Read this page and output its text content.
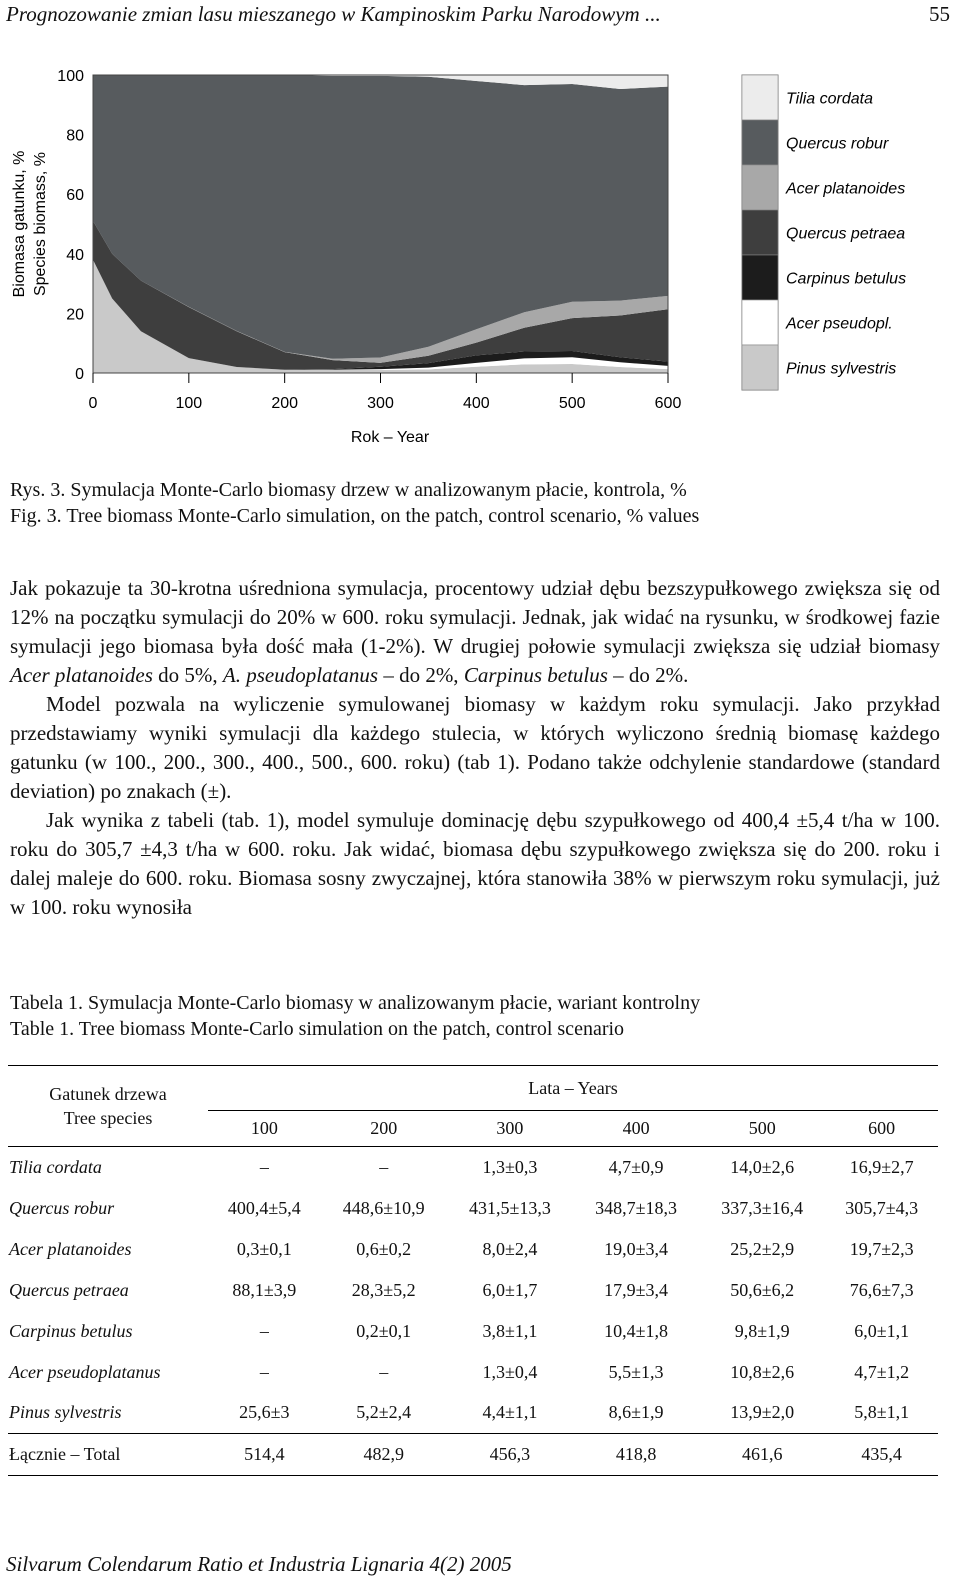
Prognozowanie zmian lasu mieszanego w Kampinoskim Parku Narodowym ...	55
0	100	200	300	400	500	600
0
20
40
60
80
100
Biomasa gatunku, % Species biomass, %
Rok – Year
Tilia cordata
Quercus robur
Acer platanoides
Quercus petraea
Carpinus betulus
Acer pseudopl.
Pinus sylvestris
Rys. 3. Symulacja Monte-Carlo biomasy drzew w analizowanym płacie, kontrola, %
Fig. 3. Tree biomass Monte-Carlo simulation, on the patch, control scenario, % values

Jak pokazuje ta 30-krotna uśredniona symulacja, procentowy udział dębu bezszypułkowego zwiększa się od 12% na początku symulacji do 20% w 600. roku symulacji. Jednak, jak widać na rysunku, w środkowej fazie symulacji jego biomasa była dość mała (1-2%). W drugiej połowie symulacji zwiększa się udział biomasy Acer platanoides do 5%, A. pseudoplatanus – do 2%, Carpinus betulus – do 2%.

Model pozwala na wyliczenie symulowanej biomasy w każdym roku symulacji. Jako przykład przedstawiamy wyniki symulacji dla każdego stulecia, w których wyliczono średnią biomasę każdego gatunku (w 100., 200., 300., 400., 500., 600. roku) (tab 1). Podano także odchylenie standardowe (standard deviation) po znakach (±).

Jak wynika z tabeli (tab. 1), model symuluje dominację dębu szypułkowego od 400,4 ±5,4 t/ha w 100. roku do 305,7 ±4,3 t/ha w 600. roku. Jak widać, biomasa dębu szypułkowego zwiększa się do 200. roku i dalej maleje do 600. roku. Biomasa sosny zwyczajnej, która stanowiła 38% w pierwszym roku symulacji, już w 100. roku wynosiła

Tabela 1. Symulacja Monte-Carlo biomasy w analizowanym płacie, wariant kontrolny
Table 1. Tree biomass Monte-Carlo simulation on the patch, control scenario
Gatunek drzewa
Tree species	Lata – Years					
	100	200	300	400	500	600
Tilia cordata	–	–	1,3±0,3	4,7±0,9	14,0±2,6	16,9±2,7
Quercus robur	400,4±5,4	448,6±10,9	431,5±13,3	348,7±18,3	337,3±16,4	305,7±4,3
Acer platanoides	0,3±0,1	0,6±0,2	8,0±2,4	19,0±3,4	25,2±2,9	19,7±2,3
Quercus petraea	88,1±3,9	28,3±5,2	6,0±1,7	17,9±3,4	50,6±6,2	76,6±7,3
Carpinus betulus	–	0,2±0,1	3,8±1,1	10,4±1,8	9,8±1,9	6,0±1,1
Acer pseudoplatanus	–	–	1,3±0,4	5,5±1,3	10,8±2,6	4,7±1,2
Pinus sylvestris	25,6±3	5,2±2,4	4,4±1,1	8,6±1,9	13,9±2,0	5,8±1,1
Łącznie – Total	514,4	482,9	456,3	418,8	461,6	435,4
Silvarum Colendarum Ratio et Industria Lignaria 4(2) 2005
